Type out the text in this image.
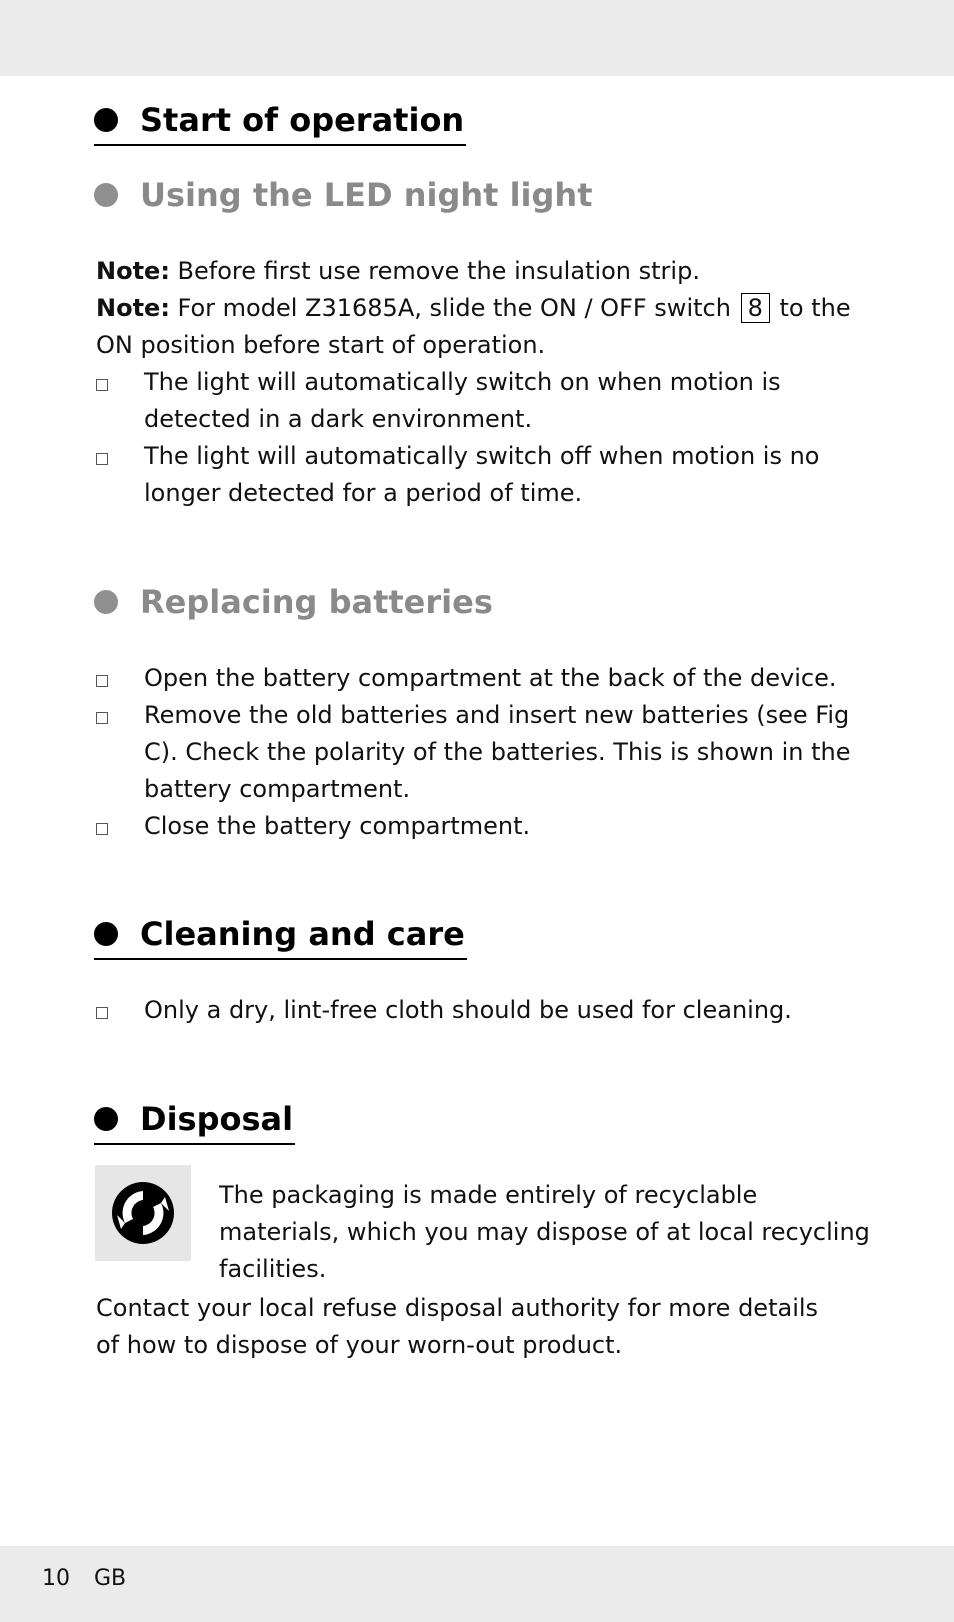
Start of operation
Using the LED night light
Note: Before first use remove the insulation strip.
Note: For model Z31685A, slide the ON / OFF switch 8 to the ON position before start of operation.
The light will automatically switch on when motion is detected in a dark environment.
The light will automatically switch off when motion is no longer detected for a period of time.
Replacing batteries
Open the battery compartment at the back of the device.
Remove the old batteries and insert new batteries (see Fig C). Check the polarity of the batteries. This is shown in the battery compartment.
Close the battery compartment.
Cleaning and care
Only a dry, lint-free cloth should be used for cleaning.
Disposal
The packaging is made entirely of recyclable materials, which you may dispose of at local recycling facilities.
Contact your local refuse disposal authority for more details of how to dispose of your worn-out product.
10 GB
